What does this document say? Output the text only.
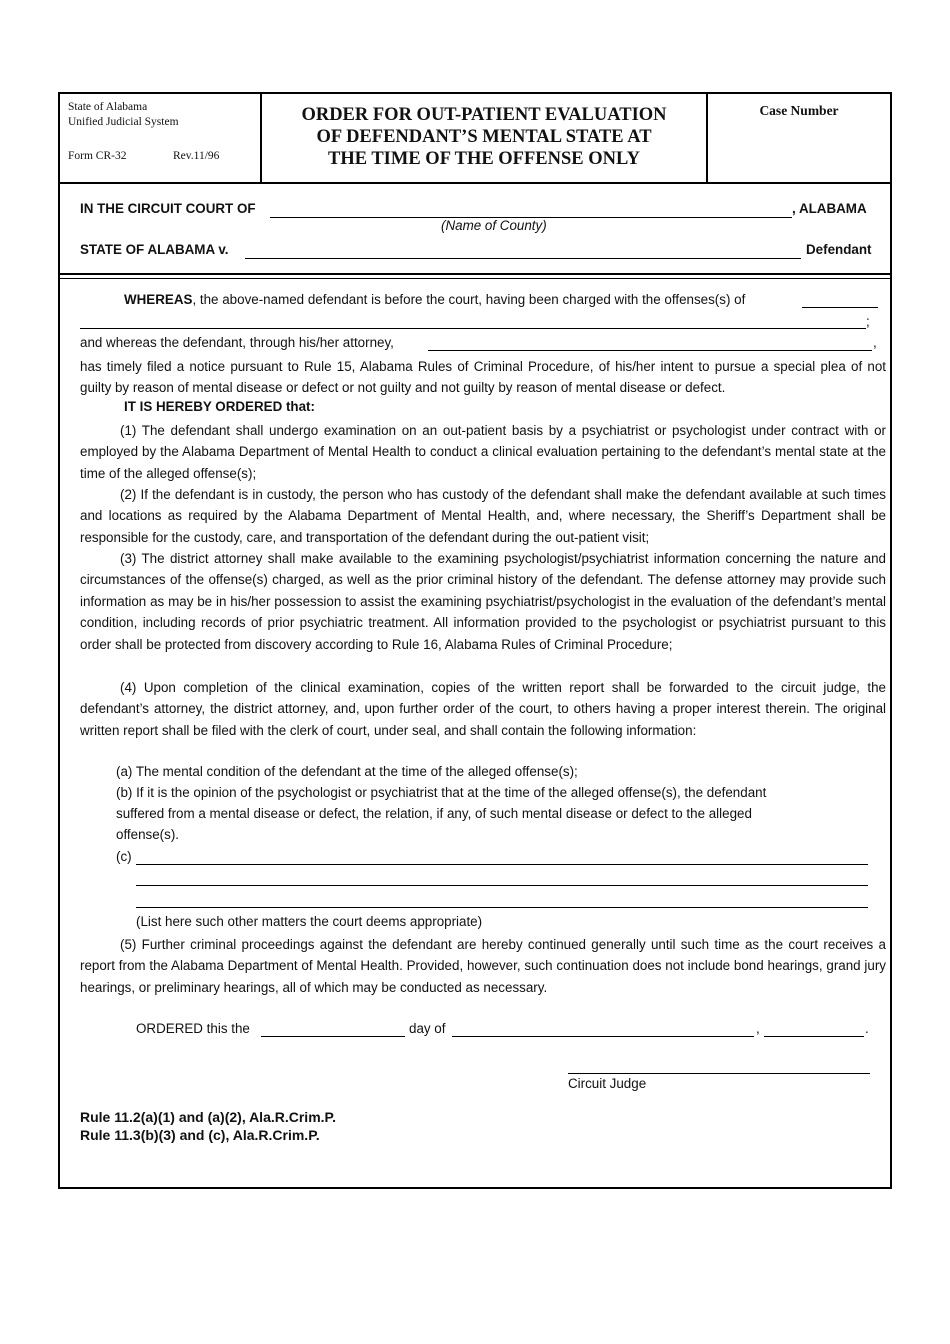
State of Alabama
Unified Judicial System
Form CR-32	Rev.11/96
ORDER FOR OUT-PATIENT EVALUATION
OF DEFENDANT’S MENTAL STATE AT
THE TIME OF THE OFFENSE ONLY
Case Number
IN THE CIRCUIT COURT OF	, ALABAMA
(Name of County)
STATE OF ALABAMA v.	Defendant
WHEREAS, the above-named defendant is before the court, having been charged with the offenses(s) of
;
and whereas the defendant, through his/her attorney,	,
has timely filed a notice pursuant to Rule 15, Alabama Rules of Criminal Procedure, of his/her intent to pursue a special plea of not guilty by reason of mental disease or defect or not guilty and not guilty by reason of mental disease or defect.
IT IS HEREBY ORDERED that:
(1) The defendant shall undergo examination on an out-patient basis by a psychiatrist or psychologist under contract with or employed by the Alabama Department of Mental Health to conduct a clinical evaluation pertaining to the defendant’s mental state at the time of the alleged offense(s);
(2) If the defendant is in custody, the person who has custody of the defendant shall make the defendant available at such times and locations as required by the Alabama Department of Mental Health, and, where necessary, the Sheriff’s Department shall be responsible for the custody, care, and transportation of the defendant during the out-patient visit;
(3) The district attorney shall make available to the examining psychologist/psychiatrist information concerning the nature and circumstances of the offense(s) charged, as well as the prior criminal history of the defendant. The defense attorney may provide such information as may be in his/her possession to assist the examining psychiatrist/psychologist in the evaluation of the defendant’s mental condition, including records of prior psychiatric treatment. All information provided to the psychologist or psychiatrist pursuant to this order shall be protected from discovery according to Rule 16, Alabama Rules of Criminal Procedure;
(4) Upon completion of the clinical examination, copies of the written report shall be forwarded to the circuit judge, the defendant’s attorney, the district attorney, and, upon further order of the court, to others having a proper interest therein. The original written report shall be filed with the clerk of court, under seal, and shall contain the following information:
(a) The mental condition of the defendant at the time of the alleged offense(s);
(b) If it is the opinion of the psychologist or psychiatrist that at the time of the alleged offense(s), the defendant
suffered from a mental disease or defect, the relation, if any, of such mental disease or defect to the alleged
offense(s).
(c)
(List here such other matters the court deems appropriate)
(5) Further criminal proceedings against the defendant are hereby continued generally until such time as the court receives a report from the Alabama Department of Mental Health. Provided, however, such continuation does not include bond hearings, grand jury hearings, or preliminary hearings, all of which may be conducted as necessary.
ORDERED this the	day of	,	.
Circuit Judge
Rule 11.2(a)(1) and (a)(2), Ala.R.Crim.P.
Rule 11.3(b)(3) and (c), Ala.R.Crim.P.
